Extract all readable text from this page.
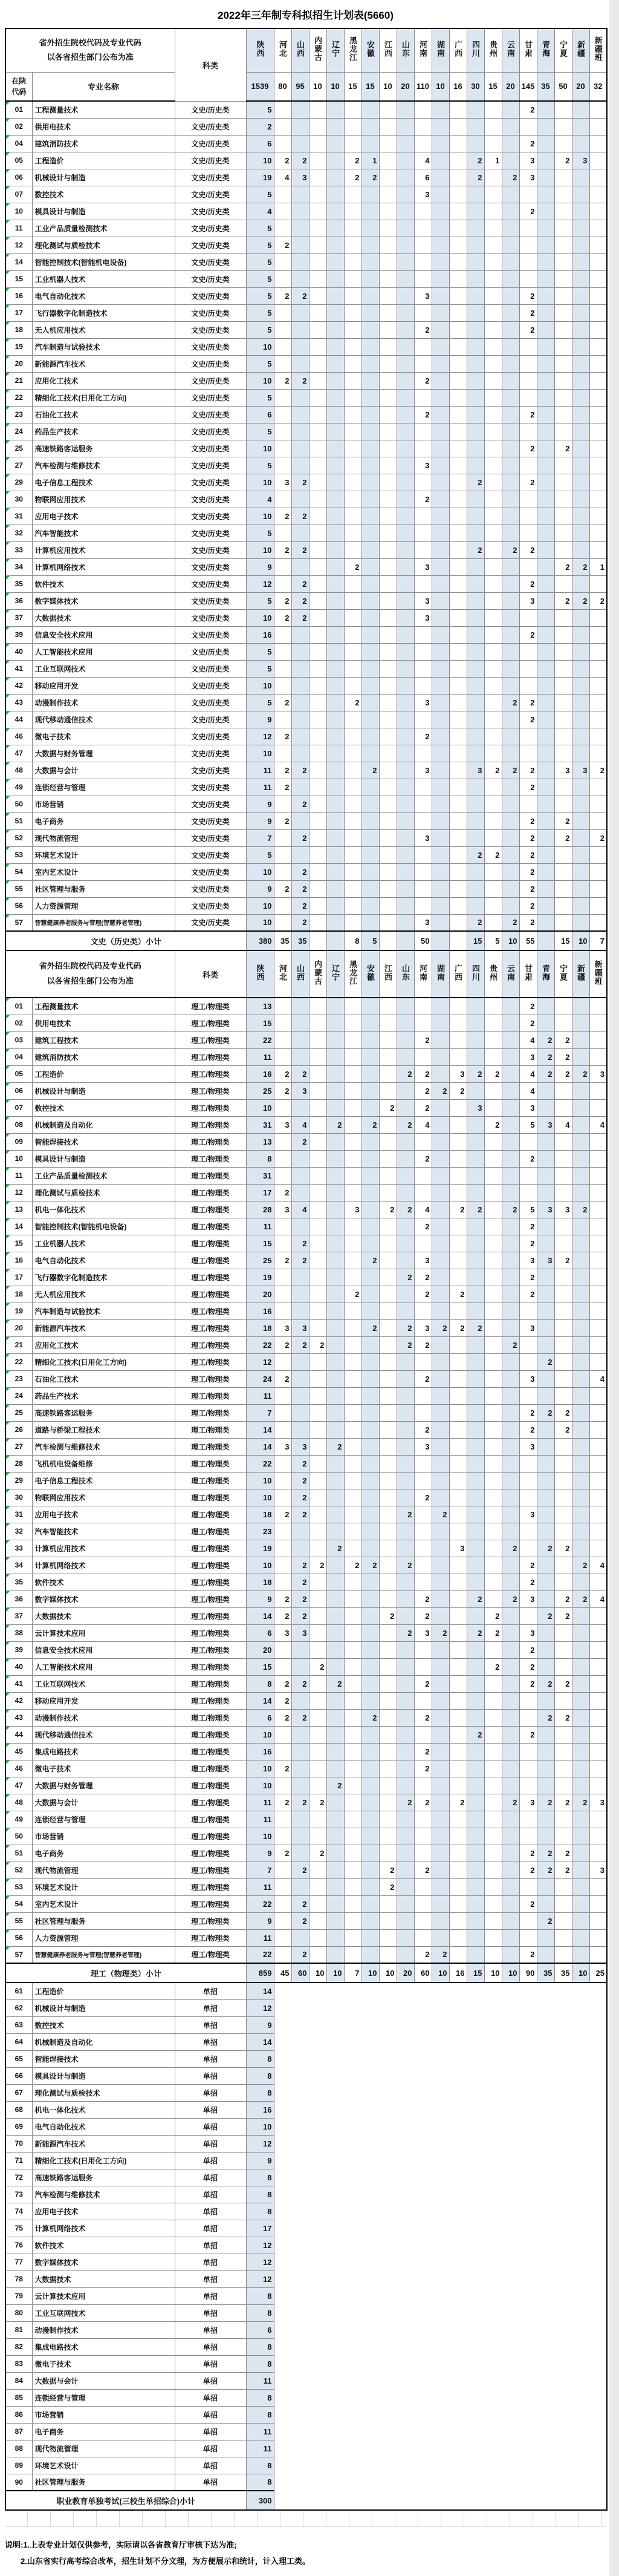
2022年三年制专科拟招生计划表(5660)
省外招生院校代码及专业代码
以各省招生部门公布为准		科类	陕西	河北	山西	内蒙古	辽宁	黑龙江	安徽	江西	山东	河南	湖南	广西	四川	贵州	云南	甘肃	青海	宁夏	新疆	新疆班

在陕
代码	专业名称		1539	80	95	10	10	15	15	10	20	110	10	16	30	15	20	145	35	50	20	32
01	工程测量技术	文史/历史类	5															2				
02	供用电技术	文史/历史类	2																			
04	建筑消防技术	文史/历史类	6															2				
05	工程造价	文史/历史类	10	2	2			2	1			4			2	1		3		2	3	
06	机械设计与制造	文史/历史类	19	4	3			2	2			6			2		2	3				
07	数控技术	文史/历史类	5									3										
10	模具设计与制造	文史/历史类	4															2				
11	工业产品质量检测技术	文史/历史类	5																			
12	理化测试与质检技术	文史/历史类	5	2																		
14	智能控制技术(智能机电设备)	文史/历史类	5																			
15	工业机器人技术	文史/历史类	5																			
16	电气自动化技术	文史/历史类	5	2	2							3						2				
17	飞行器数字化制造技术	文史/历史类	5															2				
18	无人机应用技术	文史/历史类	5									2						2				
19	汽车制造与试验技术	文史/历史类	10																			
20	新能源汽车技术	文史/历史类	5																			
21	应用化工技术	文史/历史类	10	2	2							2										
22	精细化工技术(日用化工方向)	文史/历史类	5																			
23	石油化工技术	文史/历史类	6									2						2				
24	药品生产技术	文史/历史类	5																			
25	高速铁路客运服务	文史/历史类	10															2		2		
27	汽车检测与维修技术	文史/历史类	5									3										
29	电子信息工程技术	文史/历史类	10	3	2										2			2				
30	物联网应用技术	文史/历史类	4									2										
31	应用电子技术	文史/历史类	10	2	2																	
32	汽车智能技术	文史/历史类	5																			
33	计算机应用技术	文史/历史类	10	2	2										2		2	2				
34	计算机网络技术	文史/历史类	9					2				3								2	2	1
35	软件技术	文史/历史类	12		2													2				
36	数字媒体技术	文史/历史类	5	2	2							3						3		2	2	2
37	大数据技术	文史/历史类	10	2	2							3										
39	信息安全技术应用	文史/历史类	16															2				
40	人工智能技术应用	文史/历史类	5																			
41	工业互联网技术	文史/历史类	5																			
42	移动应用开发	文史/历史类	10																			
43	动漫制作技术	文史/历史类	5	2				2				3					2	2				
44	现代移动通信技术	文史/历史类	9															2				
46	微电子技术	文史/历史类	12	2								2										
47	大数据与财务管理	文史/历史类	10																			
48	大数据与会计	文史/历史类	11	2	2				2			3			3	2	2	2		3	3	2
49	连锁经营与管理	文史/历史类	11	2														2				
50	市场营销	文史/历史类	9		2																	
51	电子商务	文史/历史类	9	2														2		2		
52	现代物流管理	文史/历史类	7		2							3						2		2		2
53	环境艺术设计	文史/历史类	5												2	2		2				
54	室内艺术设计	文史/历史类	10		2													2				
55	社区管理与服务	文史/历史类	9	2	2													2				
56	人力资源管理	文史/历史类	10		2													2				
57	智慧健康养老服务与管理(智慧养老管理)	文史/历史类	10		2							3			2		2	2				
文史（历史类）小计			380	35	35			8	5			50			15	5	10	55		15	10	7

省外招生院校代码及专业代码
以各省招生部门公布为准		科类	陕西	河北	山西	内蒙古	辽宁	黑龙江	安徽	江西	山东	河南	湖南	广西	四川	贵州	云南	甘肃	青海	宁夏	新疆	新疆班
01	工程测量技术	理工/物理类	13															2				
02	供用电技术	理工/物理类	15															2				
03	建筑工程技术	理工/物理类	22									2						4	2	2		
04	建筑消防技术	理工/物理类	11															3	2	2		
05	工程造价	理工/物理类	16	2	2						2	2		3	2	2		4	2	2	2	3
06	机械设计与制造	理工/物理类	25	2	3							2	2	2				4				
07	数控技术	理工/物理类	10							2		2			3			3				
08	机械制造及自动化	理工/物理类	31	3	4		2		2		2	4				2		5	3	4		4
09	智能焊接技术	理工/物理类	13		2																	
10	模具设计与制造	理工/物理类	8									2						2				
11	工业产品质量检测技术	理工/物理类	31																			
12	理化测试与质检技术	理工/物理类	17	2																		
13	机电一体化技术	理工/物理类	28	3	4			3		2	2	4		2	2		2	5	3	3	2	
14	智能控制技术(智能机电设备)	理工/物理类	11									2						2				
15	工业机器人技术	理工/物理类	15		2													2				
16	电气自动化技术	理工/物理类	25	2	2				2			3						3	3	2		
17	飞行器数字化制造技术	理工/物理类	19								2	2						2				
18	无人机应用技术	理工/物理类	20					2				2		2				2				
19	汽车制造与试验技术	理工/物理类	16																			
20	新能源汽车技术	理工/物理类	18	3	3				2		2	3	2	2	2			3				
21	应用化工技术	理工/物理类	22	2	2	2					2	2					2					
22	精细化工技术(日用化工方向)	理工/物理类	12																2			
23	石油化工技术	理工/物理类	24	2								2						3				4
24	药品生产技术	理工/物理类	11																			
25	高速铁路客运服务	理工/物理类	7															2	2	2		
26	道路与桥梁工程技术	理工/物理类	14									2						2		2		
27	汽车检测与维修技术	理工/物理类	14	3	3		2					3						3				
28	飞机机电设备维修	理工/物理类	22		2																	
29	电子信息工程技术	理工/物理类	10		2																	
30	物联网应用技术	理工/物理类	10		2							2										
31	应用电子技术	理工/物理类	18	2	2						2		2					3				
32	汽车智能技术	理工/物理类	23																			
33	计算机应用技术	理工/物理类	19				2							3			2		2	2		
34	计算机网络技术	理工/物理类	10		2	2		2	2		2							2			2	4
35	软件技术	理工/物理类	18		2													2				
36	数字媒体技术	理工/物理类	9	2	2							2			2		2	3		2	2	4
37	大数据技术	理工/物理类	14	2	2					2		2				2			2	2		
38	云计算技术应用	理工/物理类	6	3	3						2	3	2		2	2		3				
39	信息安全技术应用	理工/物理类	20															2				
40	人工智能技术应用	理工/物理类	15			2										2		2				
41	工业互联网技术	理工/物理类	8	2	2		2					2						2	2	2		
42	移动应用开发	理工/物理类	14	2																		
43	动漫制作技术	理工/物理类	6	2	2				2			2							2	2		
44	现代移动通信技术	理工/物理类	10												2			2				
45	集成电路技术	理工/物理类	16									2										
46	微电子技术	理工/物理类	10	2								2										
47	大数据与财务管理	理工/物理类	10				2															
48	大数据与会计	理工/物理类	11	2	2	2					2	2		2			2	3	2	2	2	3
49	连锁经营与管理	理工/物理类	11																			
50	市场营销	理工/物理类	10																			
51	电子商务	理工/物理类	9	2		2												2	2	2		
52	现代物流管理	理工/物理类	7		2					2		2						2	2	2		3
53	环境艺术设计	理工/物理类	11							2												
54	室内艺术设计	理工/物理类	22		2													2				
55	社区管理与服务	理工/物理类	9		2														2			
56	人力资源管理	理工/物理类	11																			
57	智慧健康养老服务与管理(智慧养老管理)	理工/物理类	22		2							2	2					2				
理工（物理类）小计			859	45	60	10	10	7	10	10	20	60	10	16	15	10	10	90	35	35	10	25
61	工程造价	单招	14																			
62	机械设计与制造	单招	12																			
63	数控技术	单招	9																			
64	机械制造及自动化	单招	14																			
65	智能焊接技术	单招	8																			
66	模具设计与制造	单招	8																			
67	理化测试与质检技术	单招	8																			
68	机电一体化技术	单招	16																			
69	电气自动化技术	单招	10																			
70	新能源汽车技术	单招	12																			
71	精细化工技术(日用化工方向)	单招	9																			
72	高速铁路客运服务	单招	8																			
73	汽车检测与维修技术	单招	8																			
74	应用电子技术	单招	8																			
75	计算机网络技术	单招	17																			
76	软件技术	单招	12																			
77	数字媒体技术	单招	12																			
78	大数据技术	单招	12																			
79	云计算技术应用	单招	8																			
80	工业互联网技术	单招	8																			
81	动漫制作技术	单招	6																			
82	集成电路技术	单招	8																			
83	微电子技术	单招	8																			
84	大数据与会计	单招	11																			
85	连锁经营与管理	单招	8																			
86	市场营销	单招	8																			
87	电子商务	单招	11																			
88	现代物流管理	单招	11																			
89	环境艺术设计	单招	8																			
90	社区管理与服务	单招	8																			
职业教育单独考试(三校生单招综合)小计			300																			
说明:1.上表专业计划仅供参考，实际请以各省教育厅审核下达为准;
2.山东省实行高考综合改革，招生计划不分文理，为方便展示和统计，计入理工类。
